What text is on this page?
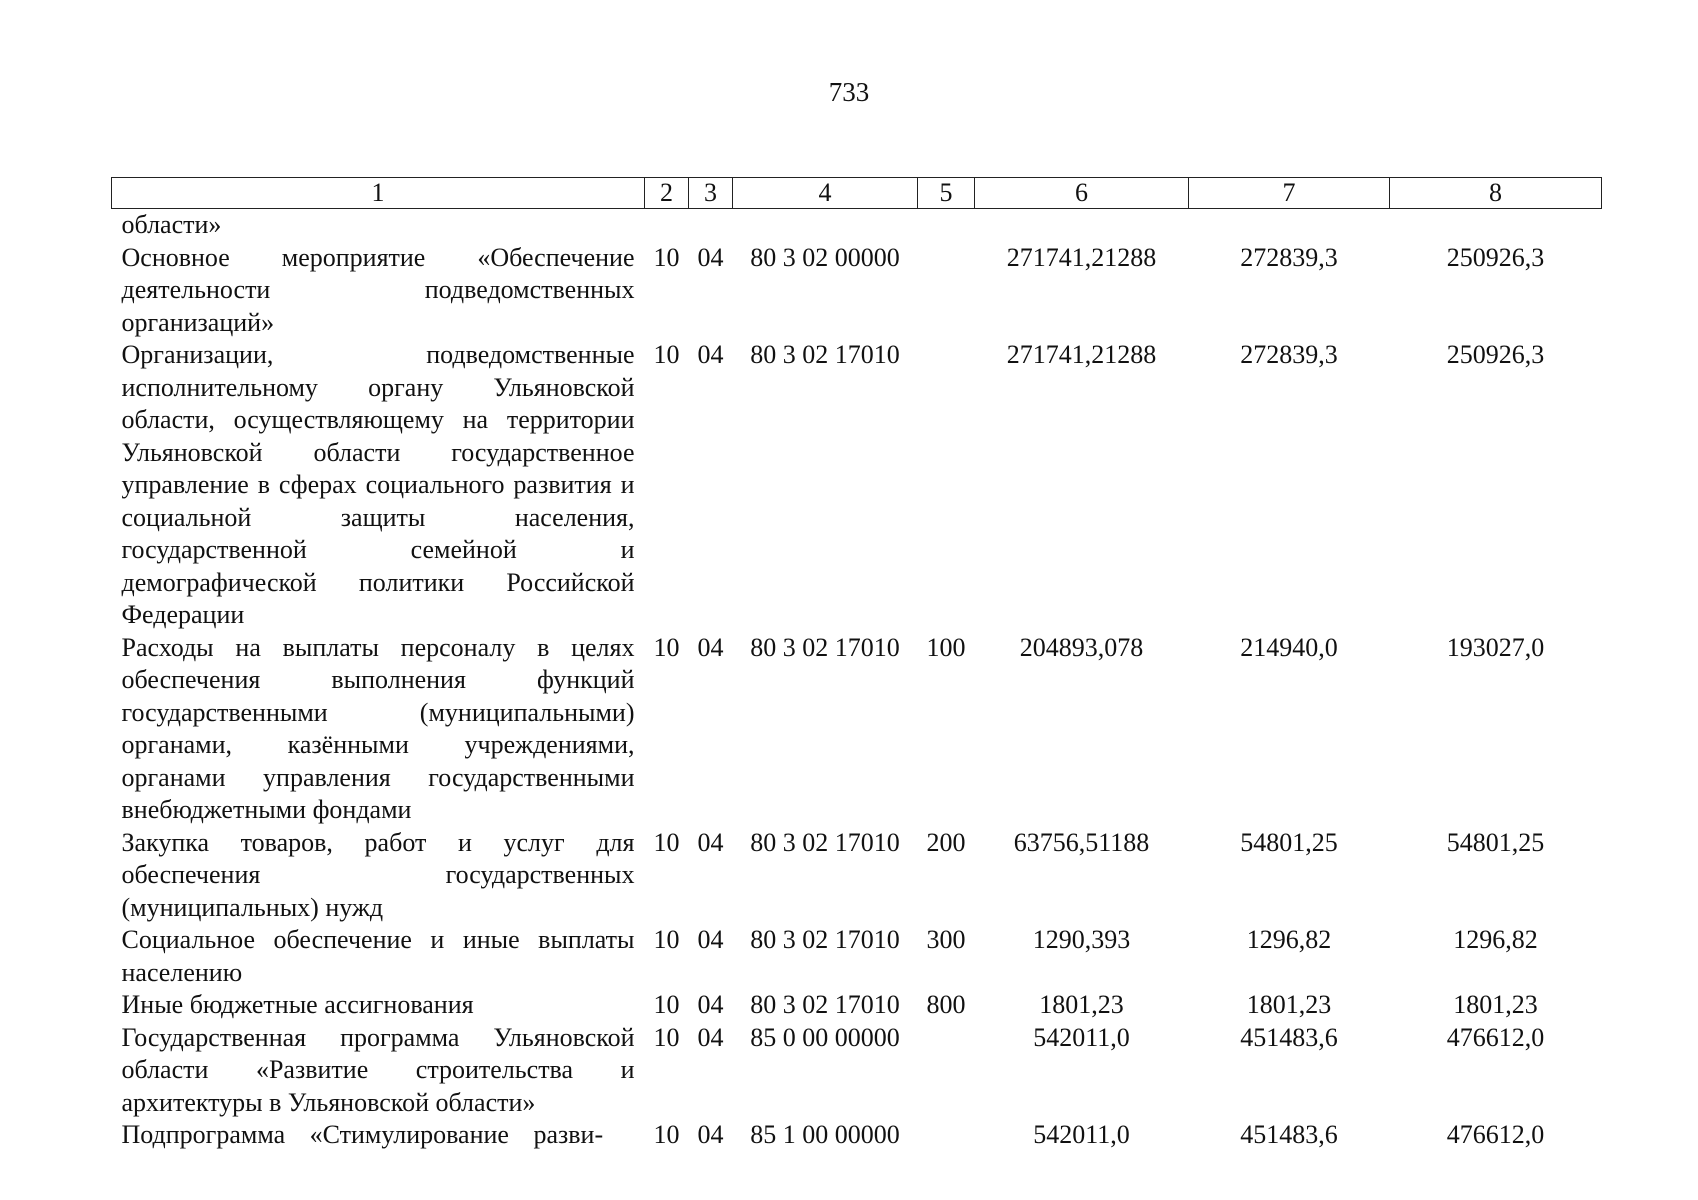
733
1	2	3	4	5	6	7	8
области»							
Основное мероприятие «Обеспечение деятельности подведомственных организаций»	10	04	80 3 02 00000		271741,21288	272839,3	250926,3
Организации, подведомственные исполнительному органу Ульяновской области, осуществляющему на территории Ульяновской области государственное управление в сферах социального развития и социальной защиты населения, государственной семейной и демографической политики Российской Федерации	10	04	80 3 02 17010		271741,21288	272839,3	250926,3
Расходы на выплаты персоналу в целях обеспечения выполнения функций государственными (муниципальными) органами, казёнными учреждениями, органами управления государственными внебюджетными фондами	10	04	80 3 02 17010	100	204893,078	214940,0	193027,0
Закупка товаров, работ и услуг для обеспечения государственных (муниципальных) нужд	10	04	80 3 02 17010	200	63756,51188	54801,25	54801,25
Социальное обеспечение и иные выплаты населению	10	04	80 3 02 17010	300	1290,393	1296,82	1296,82
Иные бюджетные ассигнования	10	04	80 3 02 17010	800	1801,23	1801,23	1801,23
Государственная программа Ульяновской области «Развитие строительства и архитектуры в Ульяновской области»	10	04	85 0 00 00000		542011,0	451483,6	476612,0
Подпрограмма «Стимулирование разви-	10	04	85 1 00 00000		542011,0	451483,6	476612,0
